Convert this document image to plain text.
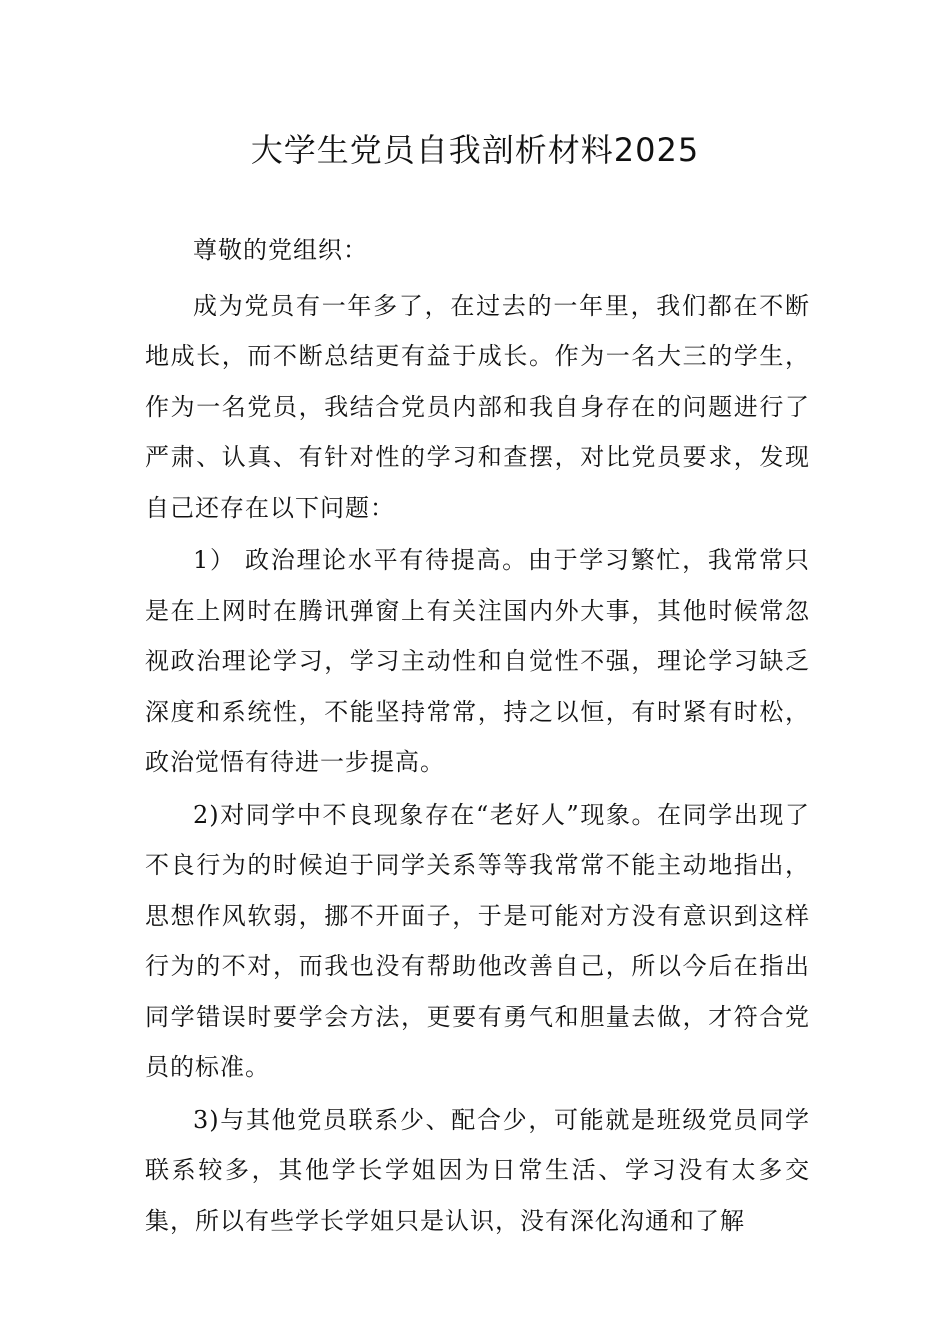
大学生党员自我剖析材料2025

尊敬的党组织：

成为党员有一年多了，在过去的一年里，我们都在不断地成长，而不断总结更有益于成长。作为一名大三的学生，作为一名党员，我结合党员内部和我自身存在的问题进行了严肃、认真、有针对性的学习和查摆，对比党员要求，发现自己还存在以下问题：

1） 政治理论水平有待提高。由于学习繁忙，我常常只是在上网时在腾讯弹窗上有关注国内外大事，其他时候常忽视政治理论学习，学习主动性和自觉性不强，理论学习缺乏深度和系统性，不能坚持常常，持之以恒，有时紧有时松，政治觉悟有待进一步提高。

2)对同学中不良现象存在“老好人”现象。在同学出现了不良行为的时候迫于同学关系等等我常常不能主动地指出，思想作风软弱，挪不开面子，于是可能对方没有意识到这样行为的不对，而我也没有帮助他改善自己，所以今后在指出同学错误时要学会方法，更要有勇气和胆量去做，才符合党员的标准。

3)与其他党员联系少、配合少，可能就是班级党员同学联系较多，其他学长学姐因为日常生活、学习没有太多交集，所以有些学长学姐只是认识，没有深化沟通和了解
